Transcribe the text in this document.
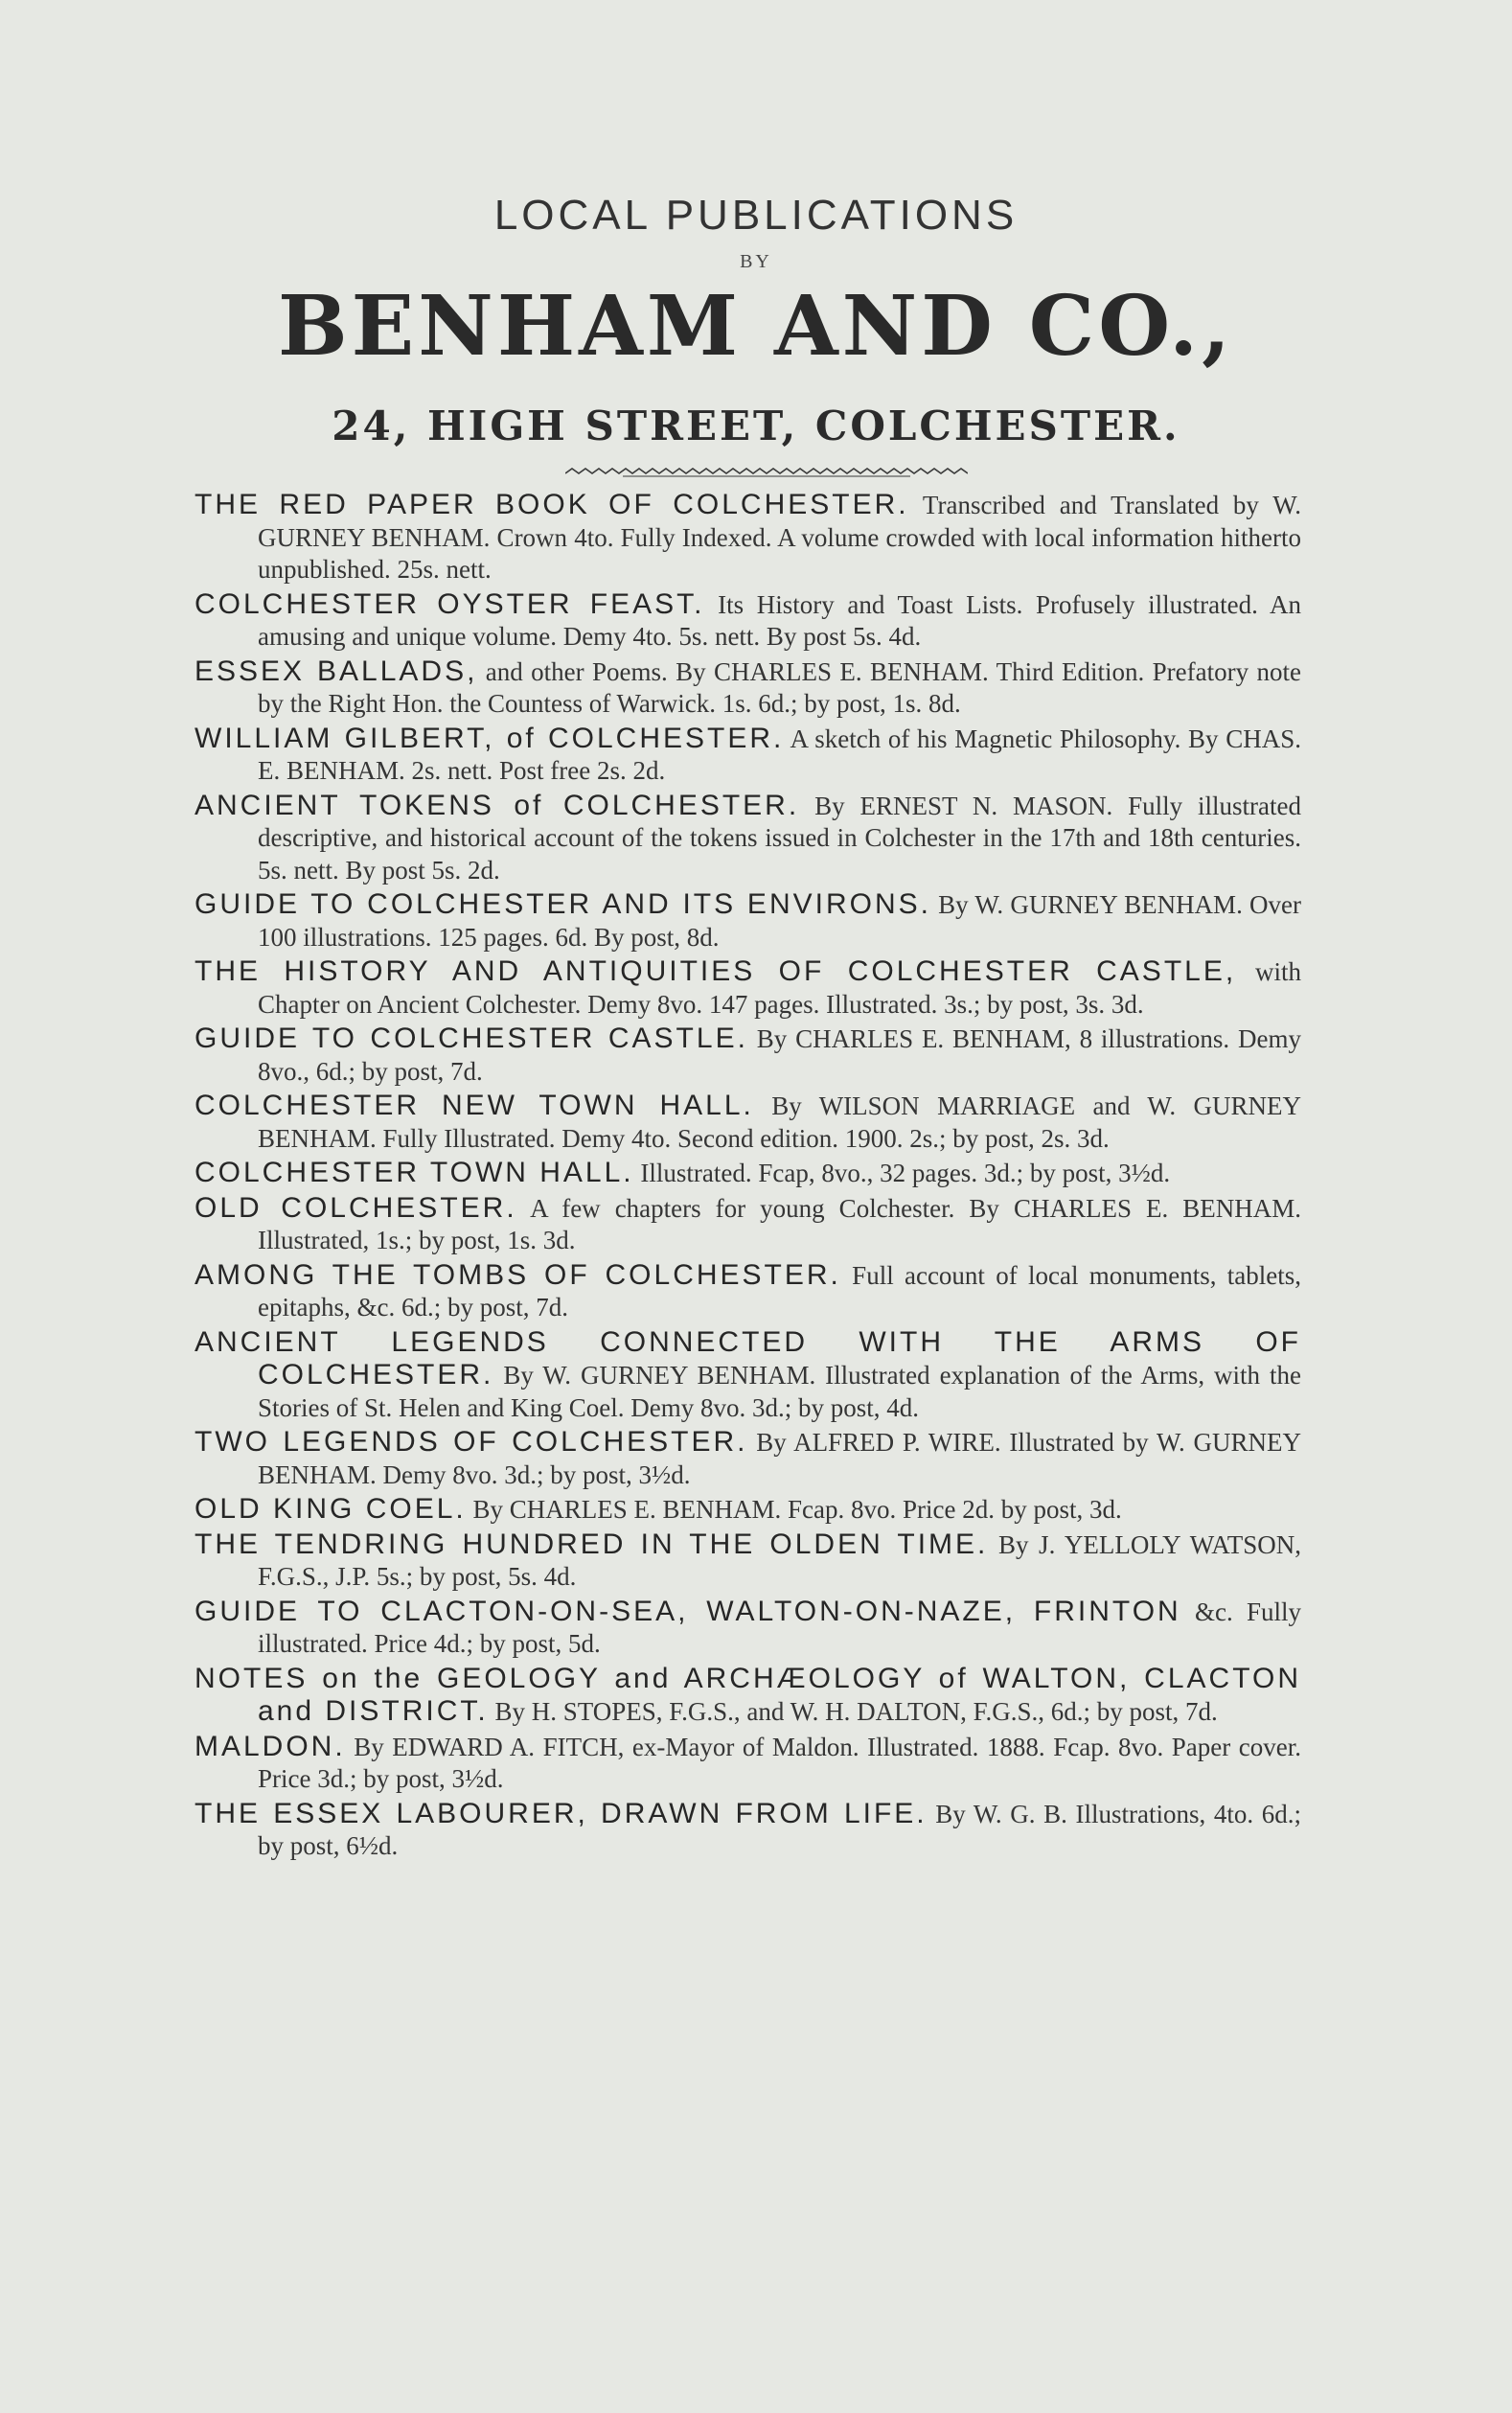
LOCAL PUBLICATIONS
BY
BENHAM AND CO.,
24, HIGH STREET, COLCHESTER.
THE RED PAPER BOOK OF COLCHESTER. Transcribed and Translated by W. GURNEY BENHAM. Crown 4to. Fully Indexed. A volume crowded with local information hitherto unpublished. 25s. nett.
COLCHESTER OYSTER FEAST. Its History and Toast Lists. Profusely illustrated. An amusing and unique volume. Demy 4to. 5s. nett. By post 5s. 4d.
ESSEX BALLADS, and other Poems. By CHARLES E. BENHAM. Third Edition. Prefatory note by the Right Hon. the Countess of Warwick. 1s. 6d.; by post, 1s. 8d.
WILLIAM GILBERT, of COLCHESTER. A sketch of his Magnetic Philosophy. By CHAS. E. BENHAM. 2s. nett. Post free 2s. 2d.
ANCIENT TOKENS of COLCHESTER. By ERNEST N. MASON. Fully illustrated descriptive, and historical account of the tokens issued in Colchester in the 17th and 18th centuries. 5s. nett. By post 5s. 2d.
GUIDE TO COLCHESTER AND ITS ENVIRONS. By W. GURNEY BENHAM. Over 100 illustrations. 125 pages. 6d. By post, 8d.
THE HISTORY AND ANTIQUITIES OF COLCHESTER CASTLE, with Chapter on Ancient Colchester. Demy 8vo. 147 pages. Illustrated. 3s.; by post, 3s. 3d.
GUIDE TO COLCHESTER CASTLE. By CHARLES E. BENHAM, 8 illustrations. Demy 8vo., 6d.; by post, 7d.
COLCHESTER NEW TOWN HALL. By WILSON MARRIAGE and W. GURNEY BENHAM. Fully Illustrated. Demy 4to. Second edition. 1900. 2s.; by post, 2s. 3d.
COLCHESTER TOWN HALL. Illustrated. Fcap, 8vo., 32 pages. 3d.; by post, 3½d.
OLD COLCHESTER. A few chapters for young Colchester. By CHARLES E. BENHAM. Illustrated, 1s.; by post, 1s. 3d.
AMONG THE TOMBS OF COLCHESTER. Full account of local monuments, tablets, epitaphs, &c. 6d.; by post, 7d.
ANCIENT LEGENDS CONNECTED WITH THE ARMS OF COLCHESTER. By W. GURNEY BENHAM. Illustrated explanation of the Arms, with the Stories of St. Helen and King Coel. Demy 8vo. 3d.; by post, 4d.
TWO LEGENDS OF COLCHESTER. By ALFRED P. WIRE. Illustrated by W. GURNEY BENHAM. Demy 8vo. 3d.; by post, 3½d.
OLD KING COEL. By CHARLES E. BENHAM. Fcap. 8vo. Price 2d. by post, 3d.
THE TENDRING HUNDRED IN THE OLDEN TIME. By J. YELLOLY WATSON, F.G.S., J.P. 5s.; by post, 5s. 4d.
GUIDE TO CLACTON-ON-SEA, WALTON-ON-NAZE, FRINTON &c. Fully illustrated. Price 4d.; by post, 5d.
NOTES on the GEOLOGY and ARCHÆOLOGY of WALTON, CLACTON and DISTRICT. By H. STOPES, F.G.S., and W. H. DALTON, F.G.S., 6d.; by post, 7d.
MALDON. By EDWARD A. FITCH, ex-Mayor of Maldon. Illustrated. 1888. Fcap. 8vo. Paper cover. Price 3d.; by post, 3½d.
THE ESSEX LABOURER, DRAWN FROM LIFE. By W. G. B. Illustrations, 4to. 6d.; by post, 6½d.
